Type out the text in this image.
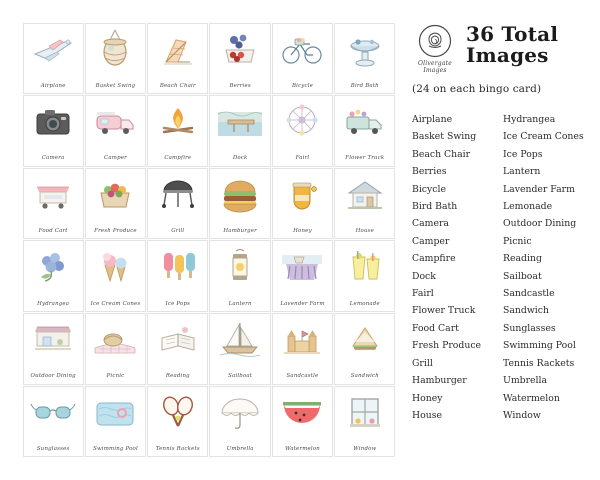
Airplane	Basket Swing	Beach Chair	Berries	Bicycle	Bird Bath
Camera	Camper	Campfire	Dock	Fairl	Flower Truck
Food Cart	Fresh Produce	Grill	Hamburger	Honey	House
Hydrangea	Ice Cream Cones	Ice Pops	Lantern	Lavender Farm	Lemonade
Outdoor Dining	Picnic	Reading	Sailboat	Sandcastle	Sandwich
Sunglasses	Swimming Pool	Tennis Rackets	Umbrella	Watermelon	Window
Olivergate Images
36 Total
Images
(24 on each bingo card)
Airplane
Basket Swing
Beach Chair
Berries
Bicycle
Bird Bath
Camera
Camper
Campfire
Dock
Fairl
Flower Truck
Food Cart
Fresh Produce
Grill
Hamburger
Honey
House
Hydrangea
Ice Cream Cones
Ice Pops
Lantern
Lavender Farm
Lemonade
Outdoor Dining
Picnic
Reading
Sailboat
Sandcastle
Sandwich
Sunglasses
Swimming Pool
Tennis Rackets
Umbrella
Watermelon
Window
